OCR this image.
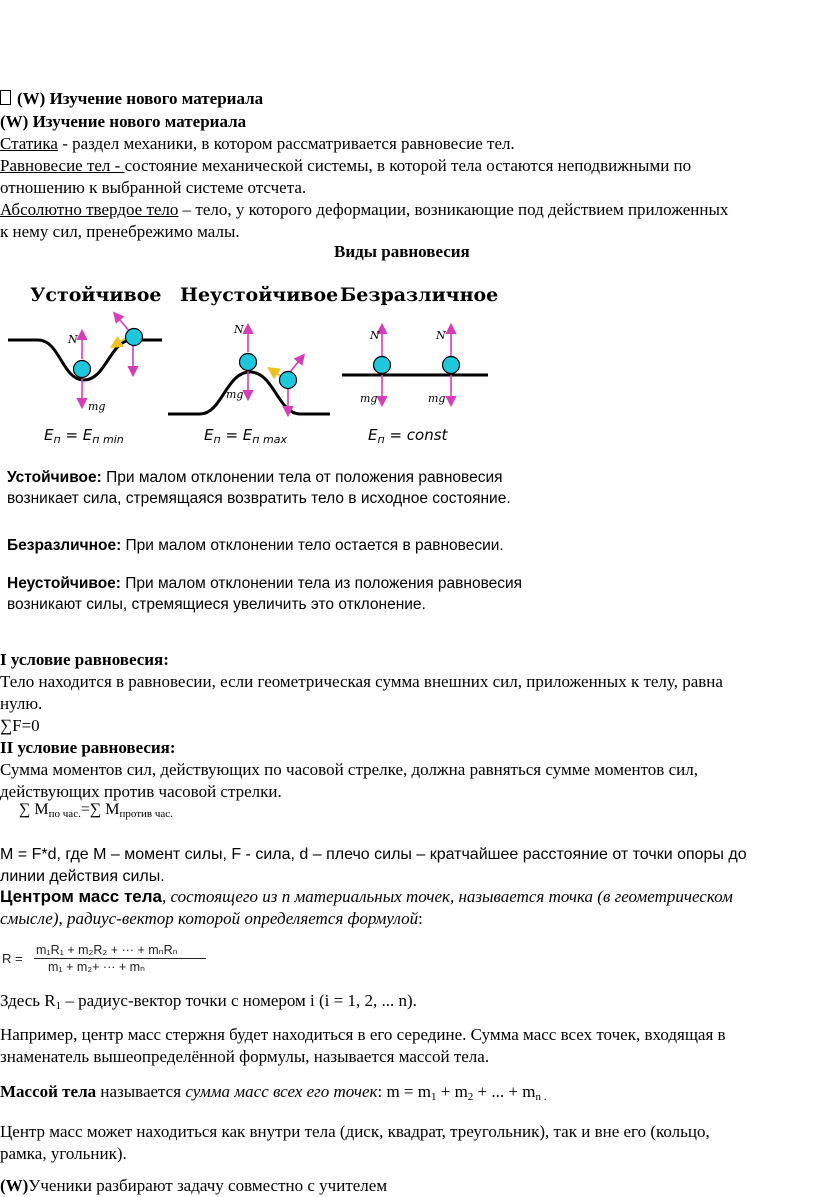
(W) Изучение нового материала
(W) Изучение нового материала
Статика - раздел механики, в котором рассматривается равновесие тел.
Равновесие тел - состояние механической системы, в которой тела остаются неподвижными по
отношению к выбранной системе отсчета.
Абсолютно твердое тело – тело, у которого деформации, возникающие под действием приложенных
к нему сил, пренебрежимо малы.
Виды равновесия
Устойчивое Неустойчивое Безразличное
N
mg
N
mg
N	N
mg	mg
$E_п = E_{п min}$	$E_п = E_{п max}$	$E_п$ = const
Устойчивое: При малом отклонении тела от положения равновесия
возникает сила, стремящаяся возвратить тело в исходное состояние.
Безразличное: При малом отклонении тело остается в равновесии.
Неустойчивое: При малом отклонении тела из положения равновесия
возникают силы, стремящиеся увеличить это отклонение.
I условие равновесия:
Тело находится в равновесии, если геометрическая сумма внешних сил, приложенных к телу, равна
нулю.
∑F=0
II условие равновесия:
Сумма моментов сил, действующих по часовой стрелке, должна равняться сумме моментов сил,
действующих против часовой стрелки.
∑ $M_{по час.}=\sum$ $M_{против час.}$
M = F*d, где M – момент силы, F - сила, d – плечо силы – кратчайшее расстояние от точки опоры до
линии действия силы.
Центром масс тела, состоящего из n материальных точек, называется точка (в геометрическом
смысле), радиус-вектор которой определяется формулой:
R =
m₁R₁ + m₂R₂ + ··· + mₙRₙ
m₁ + m₂+ ··· + mₙ
Здесь $R_1$ – радиус-вектор точки с номером i (i = 1, 2, ... n).
Например, центр масс стержня будет находиться в его середине. Сумма масс всех точек, входящая в
знаменатель вышеопределённой формулы, называется массой тела.
Массой тела называется сумма масс всех его точек: $m = m_1 + m_2$ + ... + $m_{n .}$
Центр масс может находиться как внутри тела (диск, квадрат, треугольник), так и вне его (кольцо,
рамка, угольник).
(W)Ученики разбирают задачу совместно с учителем
